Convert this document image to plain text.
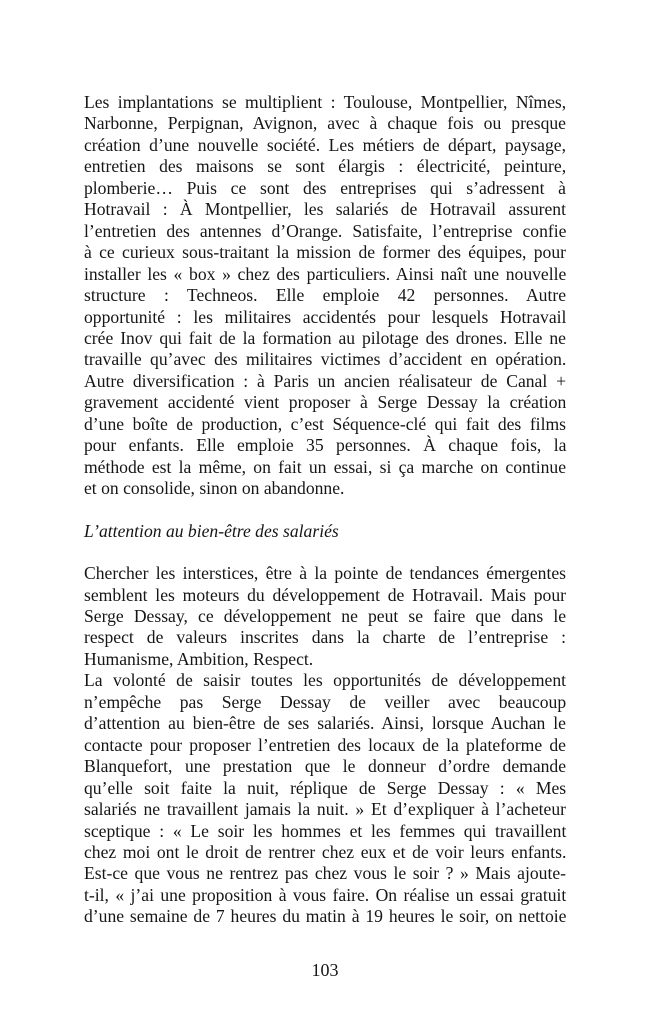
Les implantations se multiplient : Toulouse, Montpellier, Nîmes,
Narbonne, Perpignan, Avignon, avec à chaque fois ou presque
création d’une nouvelle société. Les métiers de départ, paysage,
entretien des maisons se sont élargis : électricité, peinture,
plomberie… Puis ce sont des entreprises qui s’adressent à
Hotravail : À Montpellier, les salariés de Hotravail assurent
l’entretien des antennes d’Orange. Satisfaite, l’entreprise confie
à ce curieux sous-traitant la mission de former des équipes, pour
installer les « box » chez des particuliers. Ainsi naît une nouvelle
structure : Techneos. Elle emploie 42 personnes. Autre
opportunité : les militaires accidentés pour lesquels Hotravail
crée Inov qui fait de la formation au pilotage des drones. Elle ne
travaille qu’avec des militaires victimes d’accident en opération.
Autre diversification : à Paris un ancien réalisateur de Canal +
gravement accidenté vient proposer à Serge Dessay la création
d’une boîte de production, c’est Séquence-clé qui fait des films
pour enfants. Elle emploie 35 personnes. À chaque fois, la
méthode est la même, on fait un essai, si ça marche on continue
et on consolide, sinon on abandonne.

L’attention au bien-être des salariés

Chercher les interstices, être à la pointe de tendances émergentes
semblent les moteurs du développement de Hotravail. Mais pour
Serge Dessay, ce développement ne peut se faire que dans le
respect de valeurs inscrites dans la charte de l’entreprise :
Humanisme, Ambition, Respect.
La volonté de saisir toutes les opportunités de développement
n’empêche pas Serge Dessay de veiller avec beaucoup
d’attention au bien-être de ses salariés. Ainsi, lorsque Auchan le
contacte pour proposer l’entretien des locaux de la plateforme de
Blanquefort, une prestation que le donneur d’ordre demande
qu’elle soit faite la nuit, réplique de Serge Dessay : « Mes
salariés ne travaillent jamais la nuit. » Et d’expliquer à l’acheteur
sceptique : « Le soir les hommes et les femmes qui travaillent
chez moi ont le droit de rentrer chez eux et de voir leurs enfants.
Est-ce que vous ne rentrez pas chez vous le soir ? » Mais ajoute-
t-il, « j’ai une proposition à vous faire. On réalise un essai gratuit
d’une semaine de 7 heures du matin à 19 heures le soir, on nettoie
103
